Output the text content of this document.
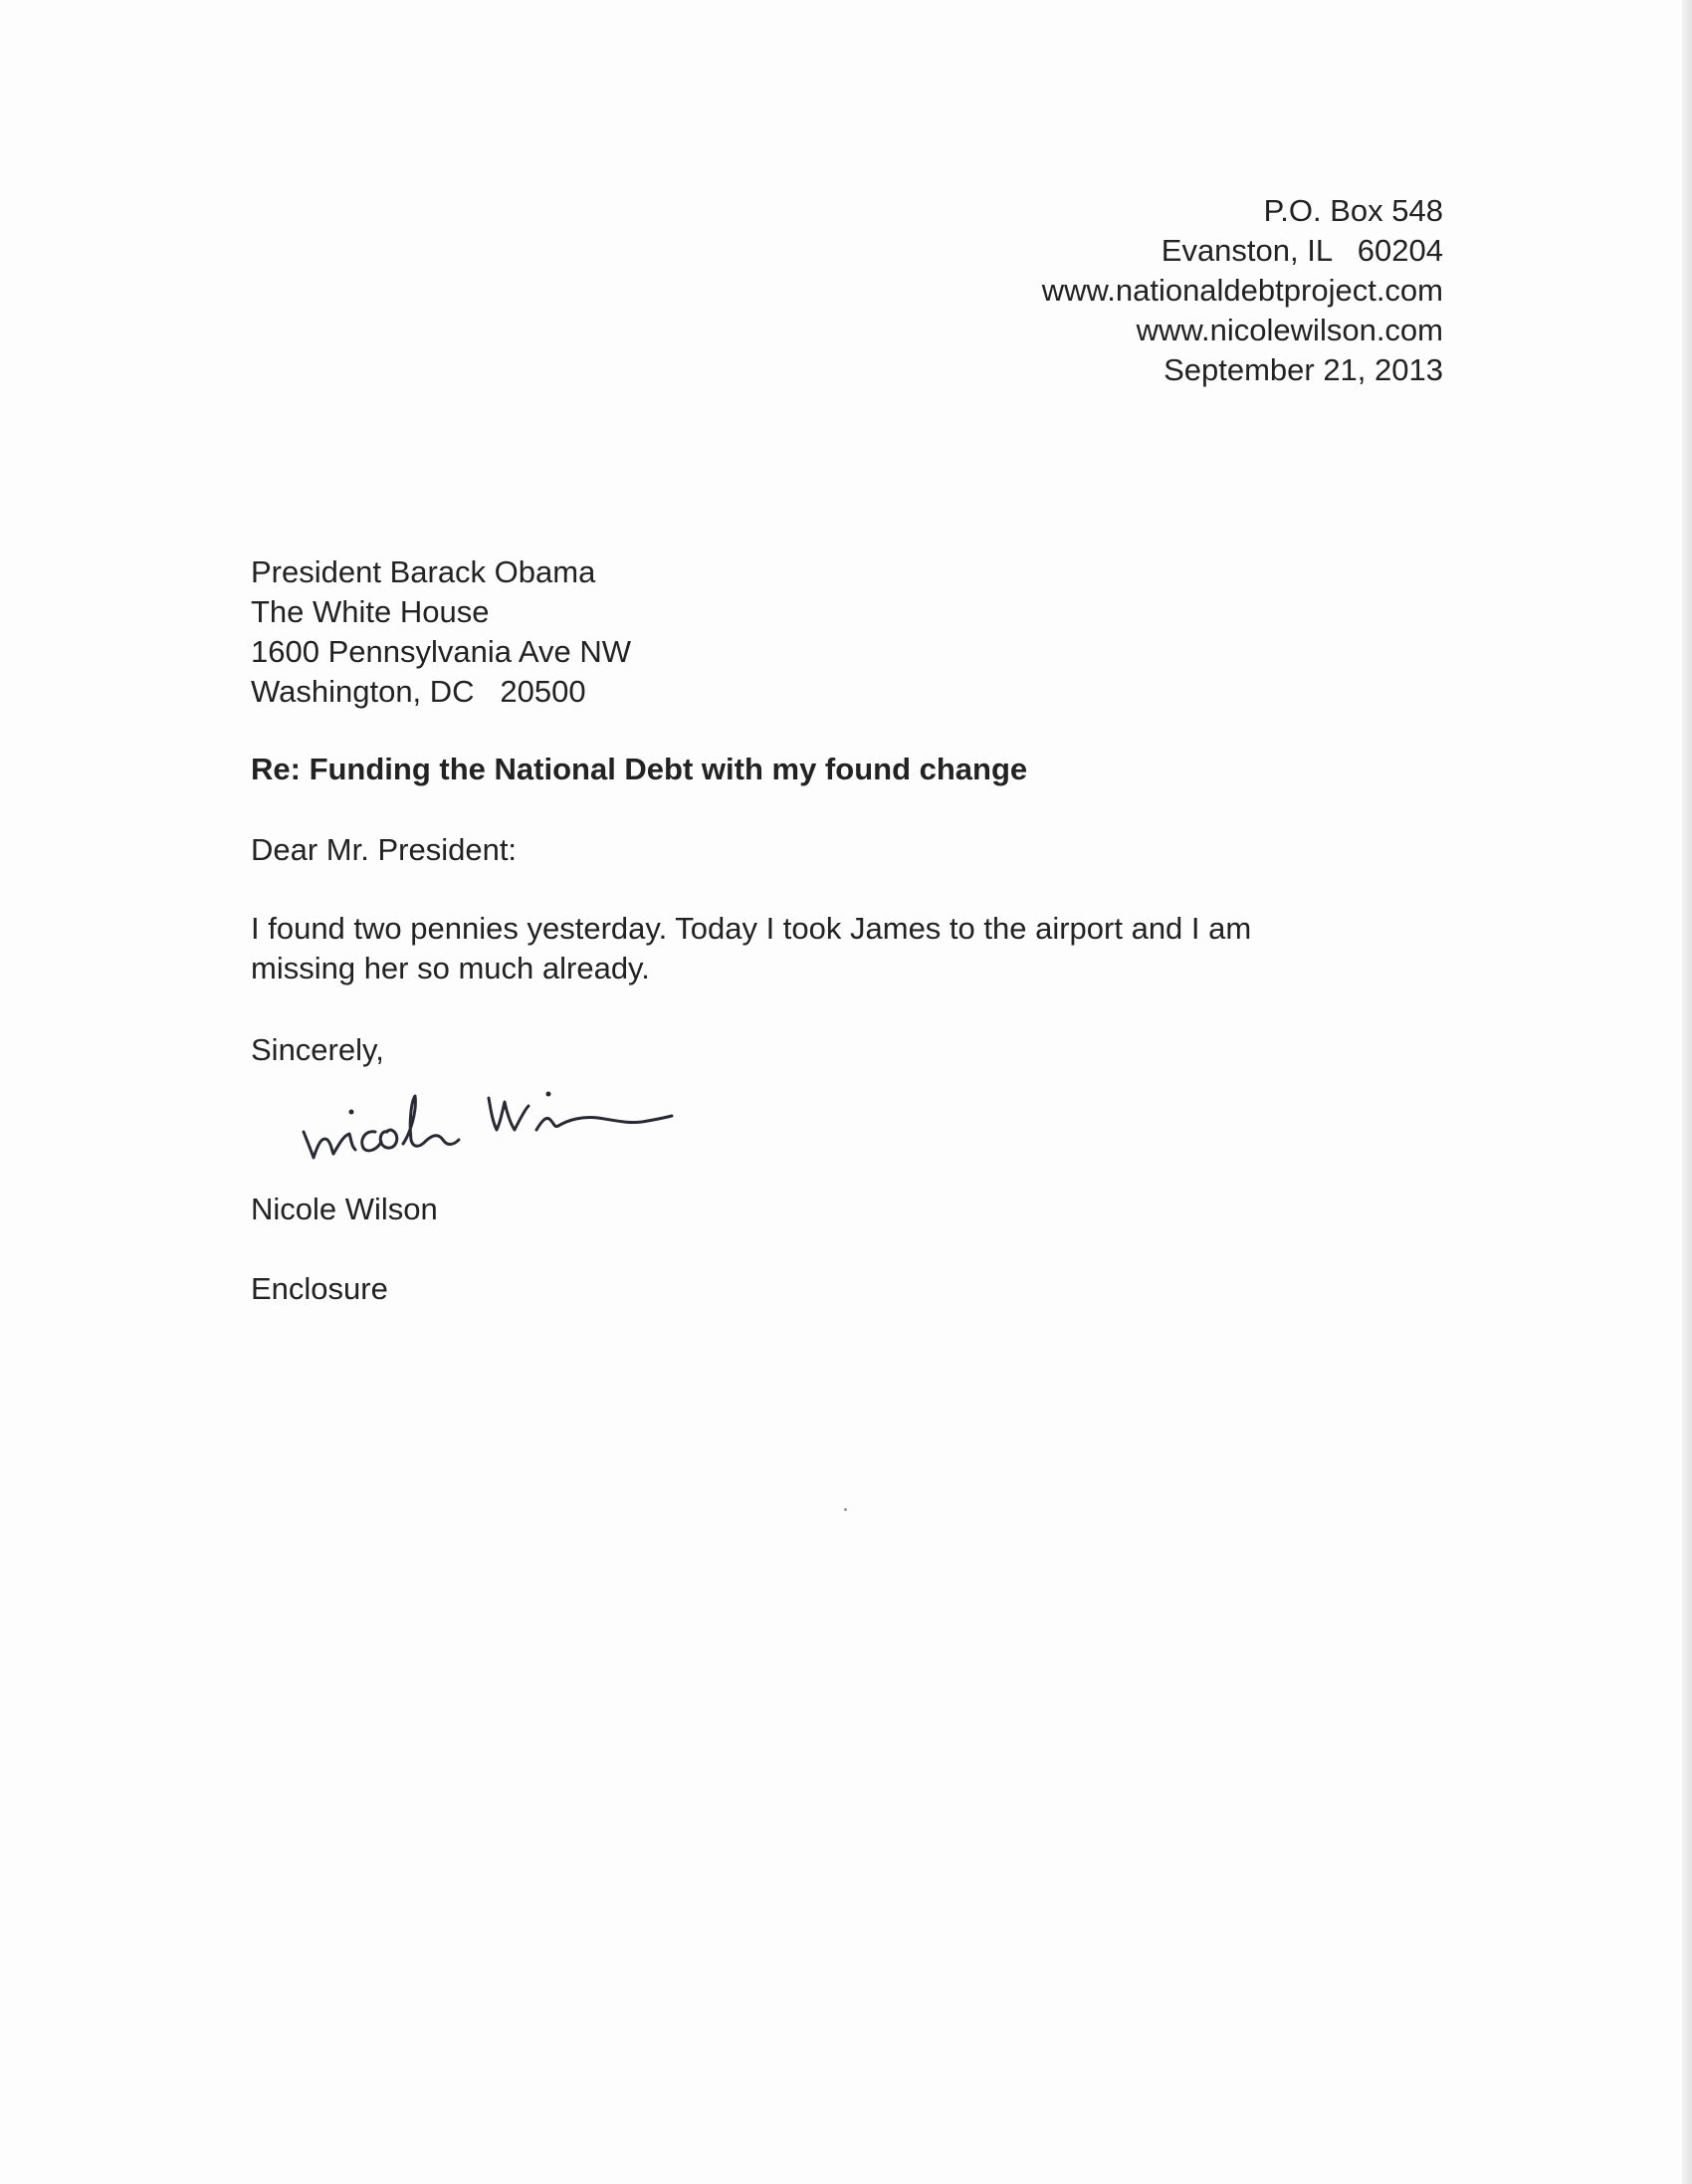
P.O. Box 548
Evanston, IL   60204
www.nationaldebtproject.com
www.nicolewilson.com
September 21, 2013
President Barack Obama
The White House
1600 Pennsylvania Ave NW
Washington, DC   20500
Re: Funding the National Debt with my found change
Dear Mr. President:
I found two pennies yesterday. Today I took James to the airport and I am
missing her so much already.
Sincerely,
Nicole Wilson
Enclosure
